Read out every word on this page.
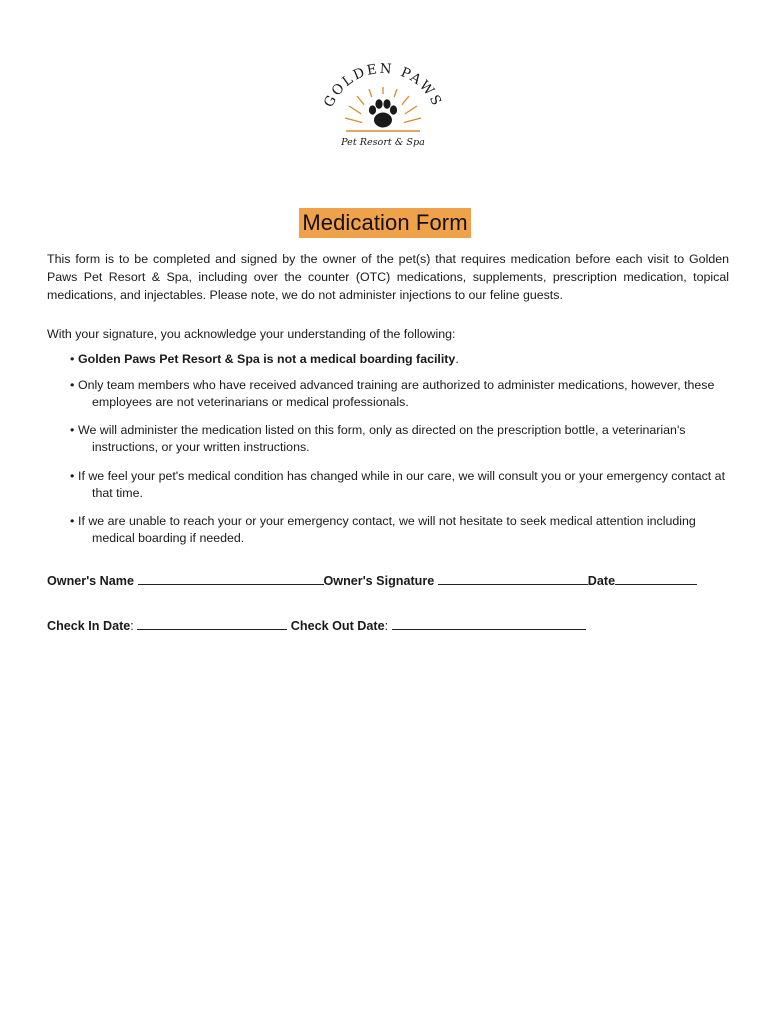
GOLDEN PAWS
Pet Resort & Spa
Medication Form

This form is to be completed and signed by the owner of the pet(s) that requires medication before each visit to Golden Paws Pet Resort & Spa, including over the counter (OTC) medications, supplements, prescription medication, topical medications, and injectables. Please note, we do not administer injections to our feline guests.

With your signature, you acknowledge your understanding of the following:

• Golden Paws Pet Resort & Spa is not a medical boarding facility.

• Only team members who have received advanced training are authorized to administer medications, however, these employees are not veterinarians or medical professionals.

• We will administer the medication listed on this form, only as directed on the prescription bottle, a veterinarian's instructions, or your written instructions.

• If we feel your pet's medical condition has changed while in our care, we will consult you or your emergency contact at that time.

• If we are unable to reach your or your emergency contact, we will not hesitate to seek medical attention including medical boarding if needed.

Owner's Name	Owner's Signature	Date
Check In Date:	Check Out Date:
